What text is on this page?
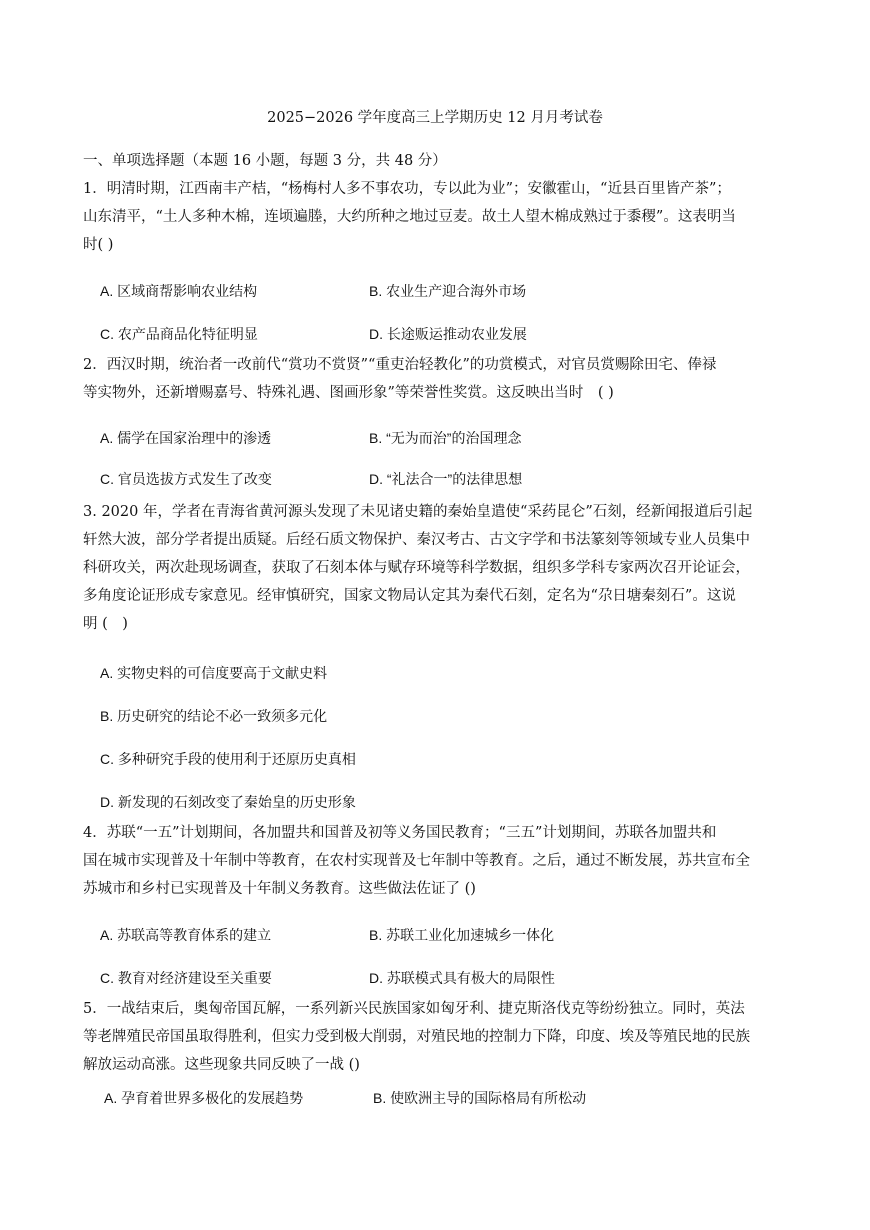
2025−2026 学年度高三上学期历史 12 月月考试卷
一、单项选择题（本题 16 小题，每题 3 分，共 48 分）
1．明清时期，江西南丰产桔，“杨梅村人多不事农功，专以此为业”；安徽霍山，“近县百里皆产茶”；
山东清平，“土人多种木棉，连顷遍塍，大约所种之地过豆麦。故土人望木棉成熟过于黍稷”。这表明当
时( )
A. 区域商帮影响农业结构	B. 农业生产迎合海外市场
C. 农产品商品化特征明显	D. 长途贩运推动农业发展
2．西汉时期，统治者一改前代“赏功不赏贤”“重吏治轻教化”的功赏模式，对官员赏赐除田宅、俸禄
等实物外，还新增赐嘉号、特殊礼遇、图画形象”等荣誉性奖赏。这反映出当时　( )
A. 儒学在国家治理中的渗透	B. “无为而治”的治国理念
C. 官员选拔方式发生了改变	D. “礼法合一”的法律思想
3. 2020 年，学者在青海省黄河源头发现了未见诸史籍的秦始皇遣使“采药昆仑”石刻，经新闻报道后引起
轩然大波，部分学者提出质疑。后经石质文物保护、秦汉考古、古文字学和书法篆刻等领域专业人员集中
科研攻关，两次赴现场调查，获取了石刻本体与赋存环境等科学数据，组织多学科专家两次召开论证会，
多角度论证形成专家意见。经审慎研究，国家文物局认定其为秦代石刻，定名为“尕日塘秦刻石”。这说
明 (　)
A. 实物史料的可信度要高于文献史料
B. 历史研究的结论不必一致须多元化
C. 多种研究手段的使用利于还原历史真相
D. 新发现的石刻改变了秦始皇的历史形象
4．苏联“一五”计划期间，各加盟共和国普及初等义务国民教育；“三五”计划期间，苏联各加盟共和
国在城市实现普及十年制中等教育，在农村实现普及七年制中等教育。之后，通过不断发展，苏共宣布全
苏城市和乡村已实现普及十年制义务教育。这些做法佐证了 ()
A. 苏联高等教育体系的建立	B. 苏联工业化加速城乡一体化
C. 教育对经济建设至关重要	D. 苏联模式具有极大的局限性
5．一战结束后，奥匈帝国瓦解，一系列新兴民族国家如匈牙利、捷克斯洛伐克等纷纷独立。同时，英法
等老牌殖民帝国虽取得胜利，但实力受到极大削弱，对殖民地的控制力下降，印度、埃及等殖民地的民族
解放运动高涨。这些现象共同反映了一战 ()
A. 孕育着世界多极化的发展趋势	B. 使欧洲主导的国际格局有所松动
